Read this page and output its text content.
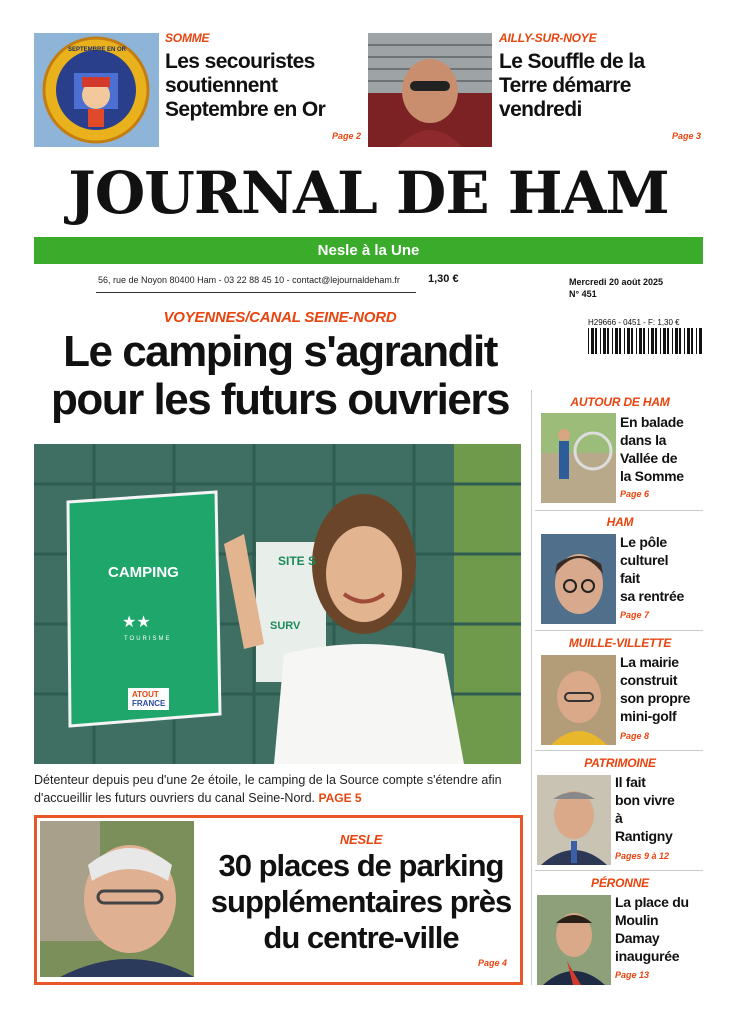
SEPTEMBRE EN OR
SOMME
Les secouristes soutiennent Septembre en Or
Page 2
AILLY-SUR-NOYE
Le Souffle de la Terre démarre vendredi
Page 3
JOURNAL DE HAM
Nesle à la Une
56, rue de Noyon 80400 Ham - 03 22 88 45 10 - contact@lejournaldeham.fr	1,30 €	Mercredi 20 août 2025
N° 451
H29666 - 0451 - F: 1,30 €
VOYENNES/CANAL SEINE-NORD
Le camping s'agrandit
pour les futurs ouvriers
CAMPING
★★
TOURISME
ATOUT
FRANCE
SITE S
SURV
Détenteur depuis peu d'une 2e étoile, le camping de la Source compte s'étendre afin d'accueillir les futurs ouvriers du canal Seine-Nord. PAGE 5
NESLE
30 places de parking supplémentaires près du centre-ville
Page 4
AUTOUR DE HAM
En balade
dans la
Vallée de
la Somme
Page 6
HAM
Le pôle
culturel
fait
sa rentrée
Page 7
MUILLE-VILLETTE
La mairie
construit
son propre
mini-golf
Page 8
PATRIMOINE
Il fait
bon vivre
à
Rantigny
Pages 9 à 12
PÉRONNE
La place du
Moulin
Damay
inaugurée
Page 13
